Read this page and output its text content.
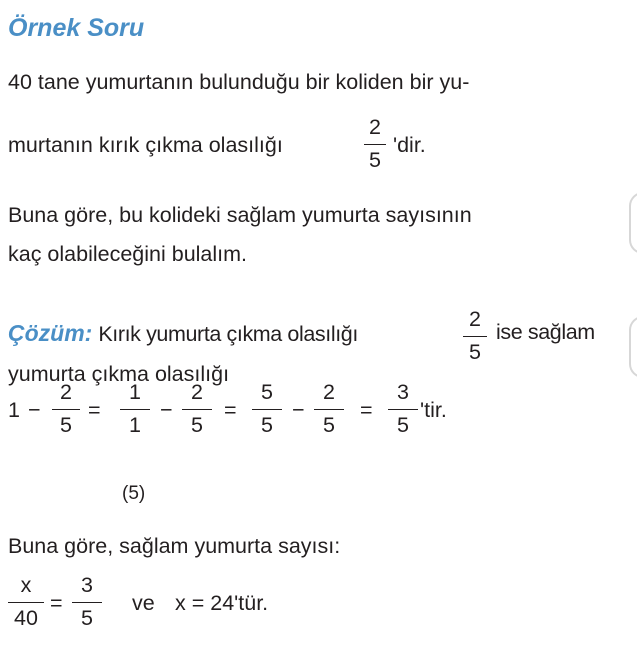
Örnek Soru
40 tane yumurtanın bulunduğu bir koliden bir yu-
murtanın kırık çıkma olasılığı
2
5
'dir.
Buna göre, bu kolideki sağlam yumurta sayısının
kaç olabileceğini bulalım.
Çözüm: Kırık yumurta çıkma olasılığı
2
5
ise sağlam
yumurta çıkma olasılığı
1 −
2
5
=
1
1
(5)
−
2
5
=
5
5
−
2
5
=
3
5
'tir.
Buna göre, sağlam yumurta sayısı:
x
40
=
3
5
ve x = 24'tür.
